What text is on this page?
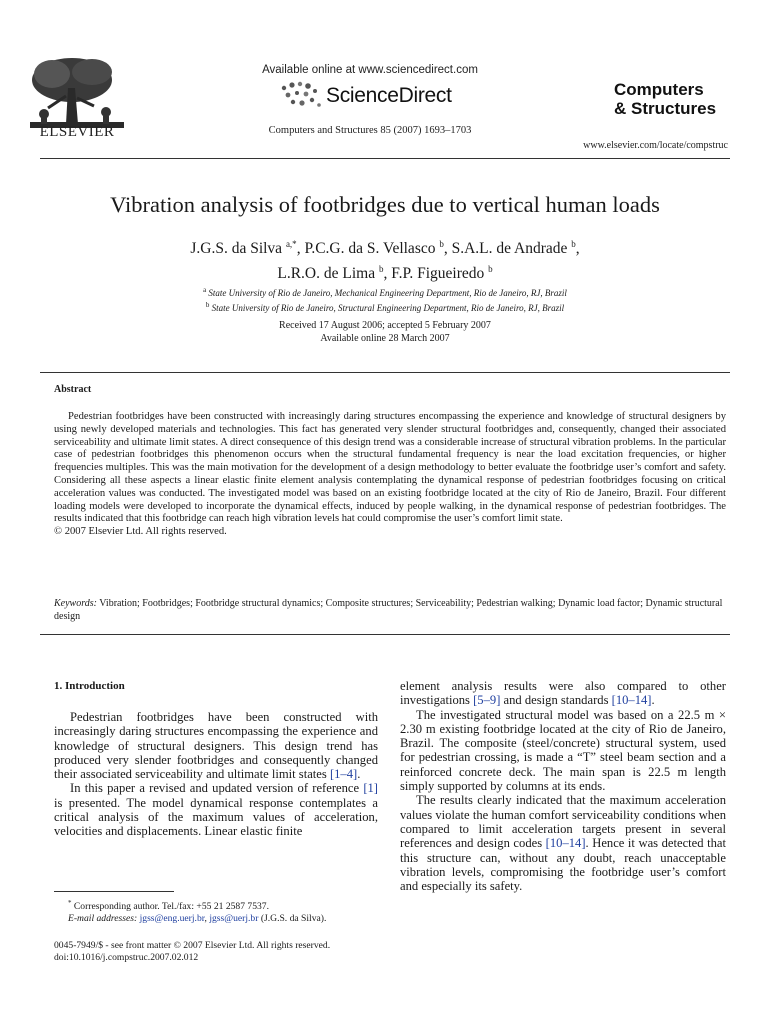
ELSEVIER
Available online at www.sciencedirect.com
ScienceDirect
Computers and Structures 85 (2007) 1693–1703
Computers
& Structures
www.elsevier.com/locate/compstruc
Vibration analysis of footbridges due to vertical human loads
J.G.S. da Silva $^{a,*}$, P.C.G. da S. Vellasco $^b$, S.A.L. de Andrade $^b$,
L.R.O. de Lima $^b$, F.P. Figueiredo $^b$
$^a$ State University of Rio de Janeiro, Mechanical Engineering Department, Rio de Janeiro, RJ, Brazil
$^b$ State University of Rio de Janeiro, Structural Engineering Department, Rio de Janeiro, RJ, Brazil
Received 17 August 2006; accepted 5 February 2007
Available online 28 March 2007
Abstract

Pedestrian footbridges have been constructed with increasingly daring structures encompassing the experience and knowledge of structural designers by using newly developed materials and technologies. This fact has generated very slender structural footbridges and, consequently, changed their associated serviceability and ultimate limit states. A direct consequence of this design trend was a considerable increase of structural vibration problems. In the particular case of pedestrian footbridges this phenomenon occurs when the structural fundamental frequency is near the load excitation frequencies, or higher frequencies multiples. This was the main motivation for the development of a design methodology to better evaluate the footbridge user’s comfort and safety. Considering all these aspects a linear elastic finite element analysis contemplating the dynamical response of pedestrian footbridges focusing on critical acceleration values was conducted. The investigated model was based on an existing footbridge located at the city of Rio de Janeiro, Brazil. Four different loading models were developed to incorporate the dynamical effects, induced by people walking, in the dynamical response of pedestrian footbridges. The results indicated that this footbridge can reach high vibration levels hat could compromise the user’s comfort limit state.

© 2007 Elsevier Ltd. All rights reserved.

Keywords: Vibration; Footbridges; Footbridge structural dynamics; Composite structures; Serviceability; Pedestrian walking; Dynamic load factor; Dynamic structural design
1. Introduction

Pedestrian footbridges have been constructed with increasingly daring structures encompassing the experience and knowledge of structural designers. This design trend has produced very slender footbridges and consequently changed their associated serviceability and ultimate limit states [1–4].

In this paper a revised and updated version of reference [1] is presented. The model dynamical response contemplates a critical analysis of the maximum values of acceleration, velocities and displacements. Linear elastic finite

element analysis results were also compared to other investigations [5–9] and design standards [10–14].

The investigated structural model was based on a 22.5 m × 2.30 m existing footbridge located at the city of Rio de Janeiro, Brazil. The composite (steel/concrete) structural system, used for pedestrian crossing, is made a “T” steel beam section and a reinforced concrete deck. The main span is 22.5 m length simply supported by columns at its ends.

The results clearly indicated that the maximum acceleration values violate the human comfort serviceability conditions when compared to limit acceleration targets present in several references and design codes [10–14]. Hence it was detected that this structure can, without any doubt, reach unacceptable vibration levels, compromising the footbridge user’s comfort and especially its safety.

* Corresponding author. Tel./fax: +55 21 2587 7537.
E-mail addresses: jgss@eng.uerj.br, jgss@uerj.br (J.G.S. da Silva).
0045-7949/$ - see front matter © 2007 Elsevier Ltd. All rights reserved.
doi:10.1016/j.compstruc.2007.02.012
